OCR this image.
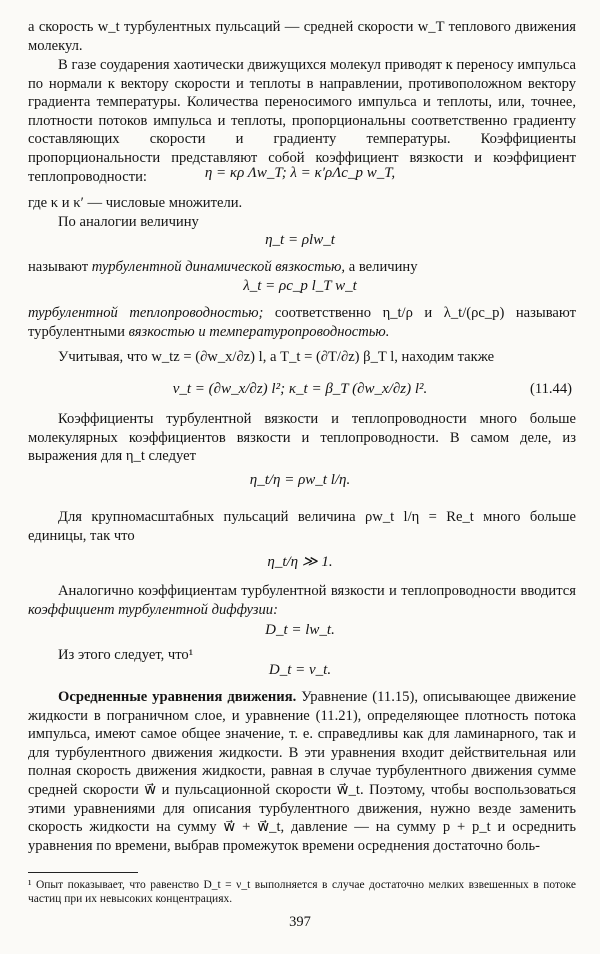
а скорость w_t турбулентных пульсаций — средней скорости w_T теплового движения молекул.

В газе соударения хаотически движущихся молекул приводят к переносу импульса по нормали к вектору скорости и теплоты в направлении, противоположном вектору градиента температуры. Количества переносимого импульса и теплоты, или, точнее, плотности потоков импульса и теплоты, пропорциональны соответственно градиенту составляющих скорости и градиенту температуры. Коэффициенты пропорциональности представляют собой коэффициент вязкости и коэффициент теплопроводности:	η = κρ Λw_T; λ = κ′ρΛc_p w_T,

где κ и κ′ — числовые множители.

По аналогии величину

η_t = ρlw_t

называют турбулентной динамической вязкостью, а величину

λ_t = ρc_p l_T w_t

турбулентной теплопроводностью; соответственно η_t/ρ и λ_t/(ρc_p) называют турбулентными вязкостью и температуропроводностью.

Учитывая, что w_tz = (∂w_x/∂z) l, а T_t = (∂T/∂z) β_T l, находим также

ν_t = (∂w_x/∂z) l²; κ_t = β_T (∂w_x/∂z) l².	(11.44)

Коэффициенты турбулентной вязкости и теплопроводности много больше молекулярных коэффициентов вязкости и теплопроводности. В самом деле, из выражения для η_t следует

η_t/η = ρw_t l/η.

Для крупномасштабных пульсаций величина ρw_t l/η = Re_t много больше единицы, так что

η_t/η ≫ 1.

Аналогично коэффициентам турбулентной вязкости и теплопроводности вводится коэффициент турбулентной диффузии:

D_t = lw_t.

Из этого следует, что¹

D_t = ν_t.

Осредненные уравнения движения. Уравнение (11.15), описывающее движение жидкости в пограничном слое, и уравнение (11.21), определяющее плотность потока импульса, имеют самое общее значение, т. е. справедливы как для ламинарного, так и для турбулентного движения жидкости. В эти уравнения входит действительная или полная скорость движения жидкости, равная в случае турбулентного движения сумме средней скорости w⃗ и пульсационной скорости w⃗_t. Поэтому, чтобы воспользоваться этими уравнениями для описания турбулентного движения, нужно везде заменить скорость жидкости на сумму w⃗ + w⃗_t, давление — на сумму p + p_t и осреднить уравнения по времени, выбрав промежуток времени осреднения достаточно боль-

¹ Опыт показывает, что равенство D_t = ν_t выполняется в случае достаточно мелких взвешенных в потоке частиц при их невысоких концентрациях.

397
